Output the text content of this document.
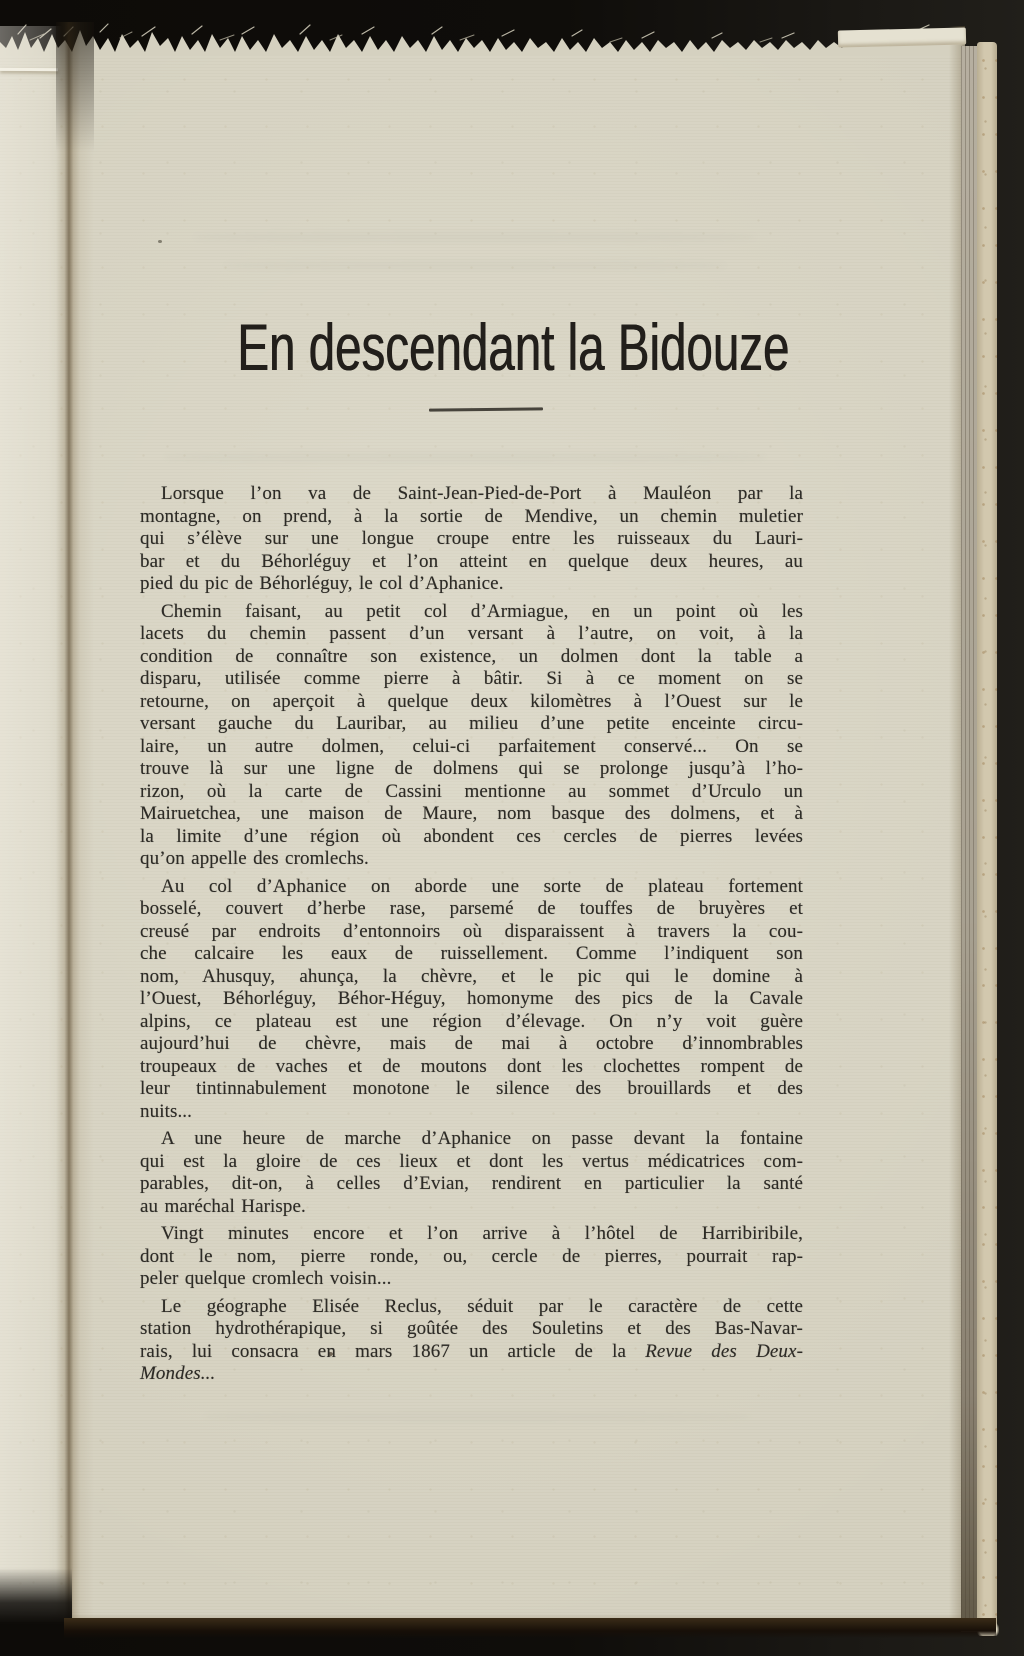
En descendant la Bidouze
Lorsque l’on va de Saint-Jean-Pied-de-Port à Mauléon par la
montagne, on prend, à la sortie de Mendive, un chemin muletier
qui s’élève sur une longue croupe entre les ruisseaux du Lauri-
bar et du Béhorléguy et l’on atteint en quelque deux heures, au
pied du pic de Béhorléguy, le col d’Aphanice.
Chemin faisant, au petit col d’Armiague, en un point où les
lacets du chemin passent d’un versant à l’autre, on voit, à la
condition de connaître son existence, un dolmen dont la table a
disparu, utilisée comme pierre à bâtir. Si à ce moment on se
retourne, on aperçoit à quelque deux kilomètres à l’Ouest sur le
versant gauche du Lauribar, au milieu d’une petite enceinte circu-
laire, un autre dolmen, celui-ci parfaitement conservé... On se
trouve là sur une ligne de dolmens qui se prolonge jusqu’à l’ho-
rizon, où la carte de Cassini mentionne au sommet d’Urculo un
Mairuetchea, une maison de Maure, nom basque des dolmens, et à
la limite d’une région où abondent ces cercles de pierres levées
qu’on appelle des cromlechs.
Au col d’Aphanice on aborde une sorte de plateau fortement
bosselé, couvert d’herbe rase, parsemé de touffes de bruyères et
creusé par endroits d’entonnoirs où disparaissent à travers la cou-
che calcaire les eaux de ruissellement. Comme l’indiquent son
nom, Ahusquy, ahunça, la chèvre, et le pic qui le domine à
l’Ouest, Béhorléguy, Béhor-Héguy, homonyme des pics de la Cavale
alpins, ce plateau est une région d’élevage. On n’y voit guère
aujourd’hui de chèvre, mais de mai à octobre d’innombrables
troupeaux de vaches et de moutons dont les clochettes rompent de
leur tintinnabulement monotone le silence des brouillards et des
nuits...
A une heure de marche d’Aphanice on passe devant la fontaine
qui est la gloire de ces lieux et dont les vertus médicatrices com-
parables, dit-on, à celles d’Evian, rendirent en particulier la santé
au maréchal Harispe.
Vingt minutes encore et l’on arrive à l’hôtel de Harribiribile,
dont le nom, pierre ronde, ou, cercle de pierres, pourrait rap-
peler quelque cromlech voisin...
Le géographe Elisée Reclus, séduit par le caractère de cette
station hydrothérapique, si goûtée des Souletins et des Bas-Navar-
rais, lui consacra en mars 1867 un article de la Revue des Deux-
Mondes...
